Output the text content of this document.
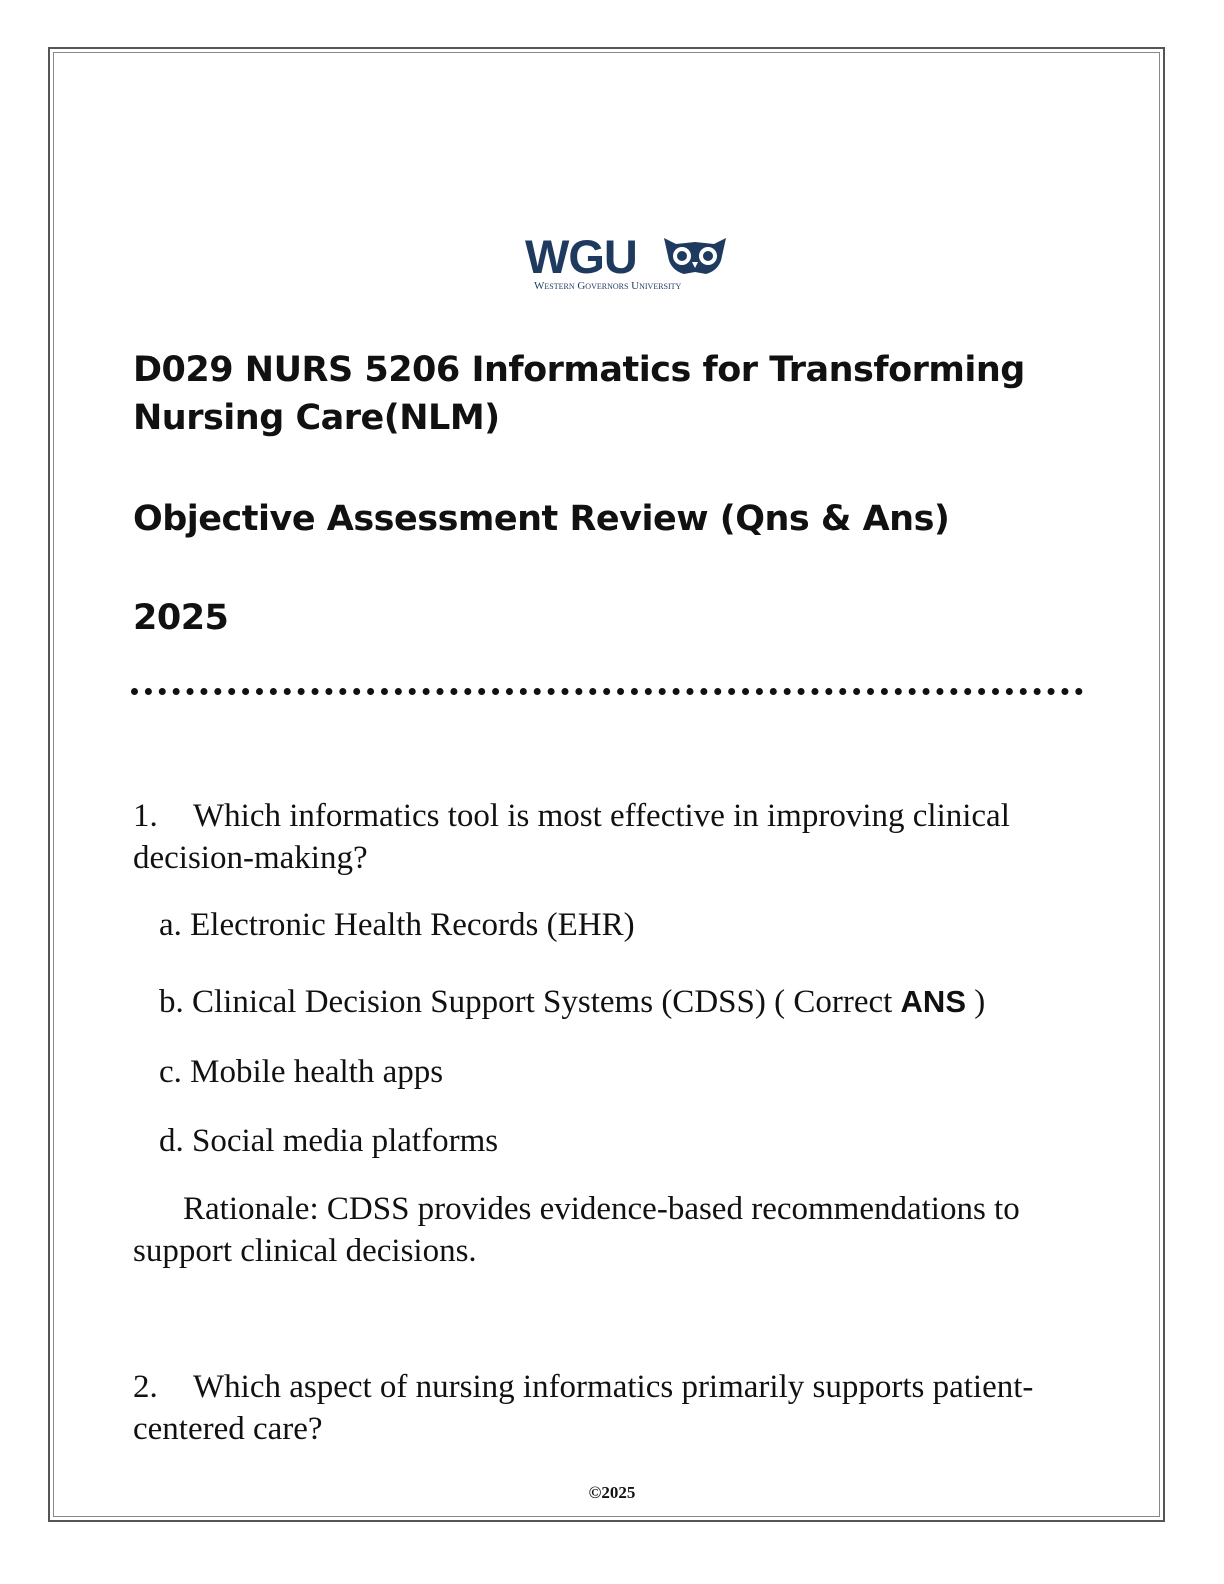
WGU
Western Governors University
D029 NURS 5206 Informatics for Transforming Nursing Care(NLM)
Objective Assessment Review (Qns & Ans)
2025

1. Which informatics tool is most effective in improving clinical decision-making?

a. Electronic Health Records (EHR)

b. Clinical Decision Support Systems (CDSS) ( Correct ANS )

c. Mobile health apps

d. Social media platforms

Rationale: CDSS provides evidence-based recommendations to support clinical decisions.

2. Which aspect of nursing informatics primarily supports patient-centered care?

©2025
